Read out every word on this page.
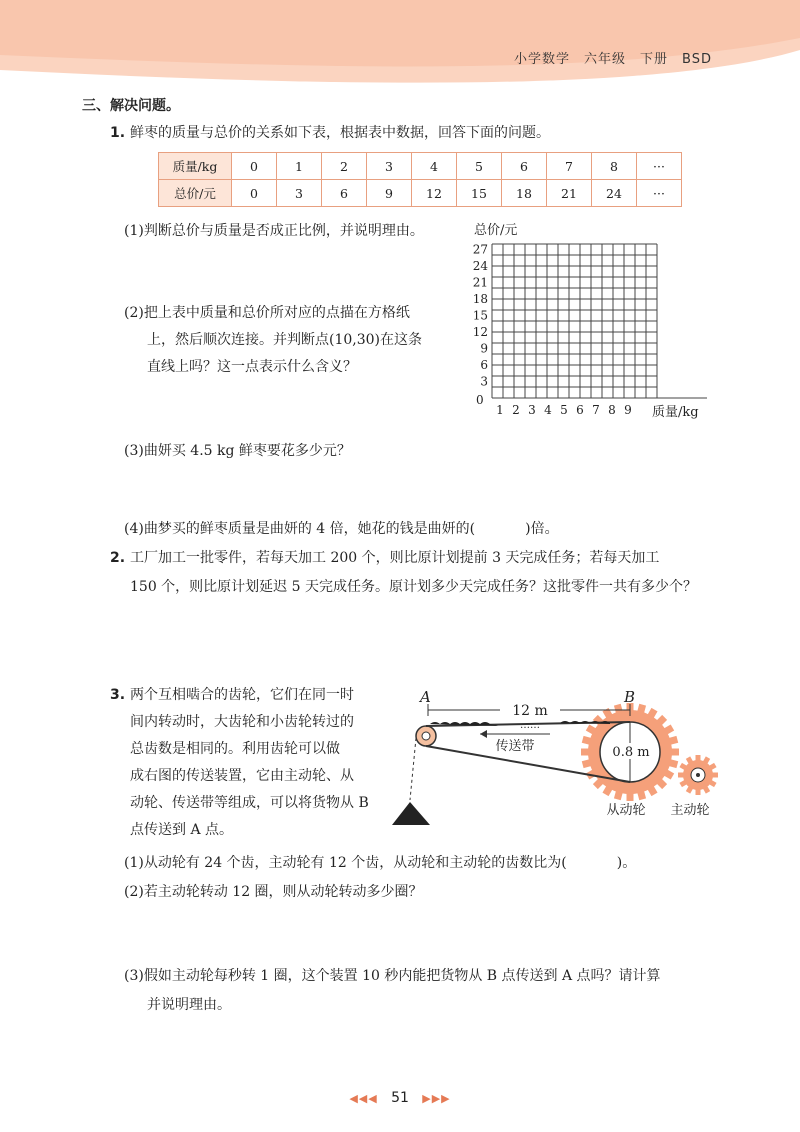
小学数学　六年级　下册　BSD
三、解决问题。
1. 鲜枣的质量与总价的关系如下表，根据表中数据，回答下面的问题。
质量/kg	0	1	2	3	4	5	6	7	8	···
总价/元	0	3	6	9	12	15	18	21	24	···
(1)判断总价与质量是否成正比例，并说明理由。
(2)把上表中质量和总价所对应的点描在方格纸
上，然后顺次连接。并判断点(10,30)在这条
直线上吗？这一点表示什么含义？
总价/元
质量/kg
0
27
24
21
18
15
12
9
6
3
1 2 3 4 5 6 7 8 9
(3)曲妍买 4.5 kg 鲜枣要花多少元？
(4)曲梦买的鲜枣质量是曲妍的 4 倍，她花的钱是曲妍的(	)倍。
2. 工厂加工一批零件，若每天加工 200 个，则比原计划提前 3 天完成任务；若每天加工
150 个，则比原计划延迟 5 天完成任务。原计划多少天完成任务？这批零件一共有多少个？
3. 两个互相啮合的齿轮，它们在同一时
间内转动时，大齿轮和小齿轮转过的
总齿数是相同的。利用齿轮可以做
成右图的传送装置，它由主动轮、从
动轮、传送带等组成，可以将货物从 B
点传送到 A 点。
A	B
12 m
……
传送带	0.8 m
从动轮 主动轮
(1)从动轮有 24 个齿，主动轮有 12 个齿，从动轮和主动轮的齿数比为(	)。
(2)若主动轮转动 12 圈，则从动轮转动多少圈？
(3)假如主动轮每秒转 1 圈，这个装置 10 秒内能把货物从 B 点传送到 A 点吗？请计算
并说明理由。
◀◀◀ 51 ▶▶▶
